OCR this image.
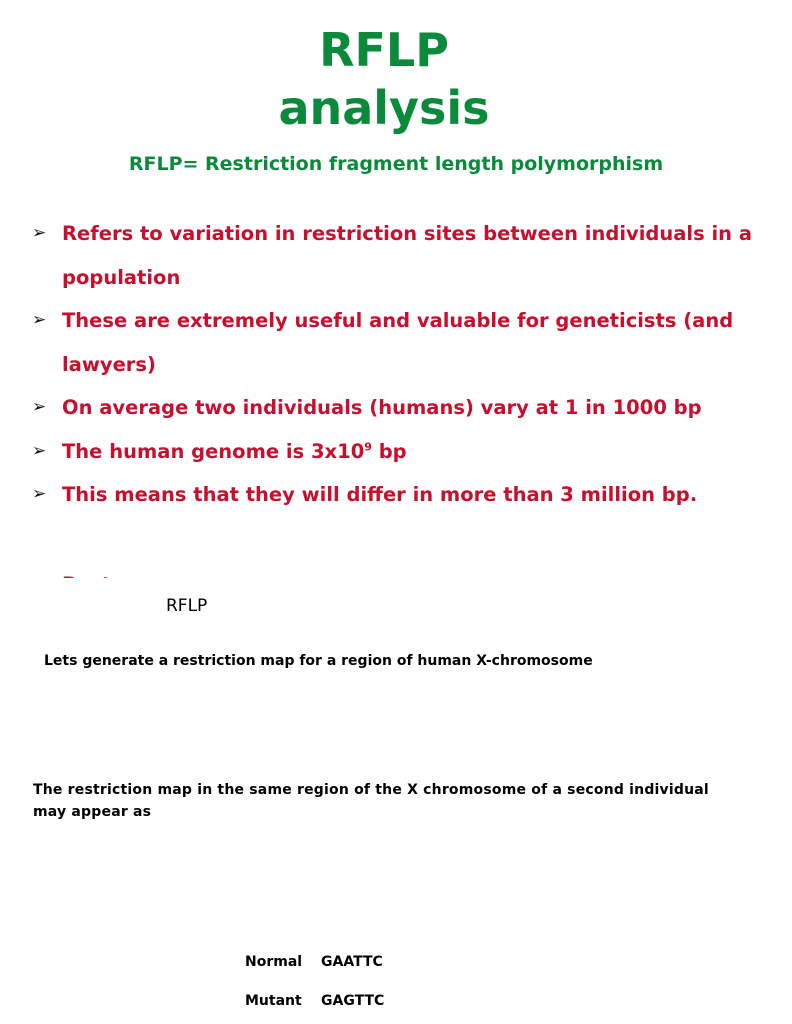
RFLP
analysis
RFLP= Restriction fragment length polymorphism
➢ Refers to variation in restriction sites between individuals in a population
➢ These are extremely useful and valuable for geneticists (and lawyers)
➢ On average two individuals (humans) vary at 1 in 1000 bp
➢ The human genome is $3x10^9$ bp
➢ This means that they will differ in more than 3 million bp.
RFLP
Lets generate a restriction map for a region of human X-chromosome
The restriction map in the same region of the X chromosome of a second individual may appear as
Normal GAATTC
Mutant GAGTTC
